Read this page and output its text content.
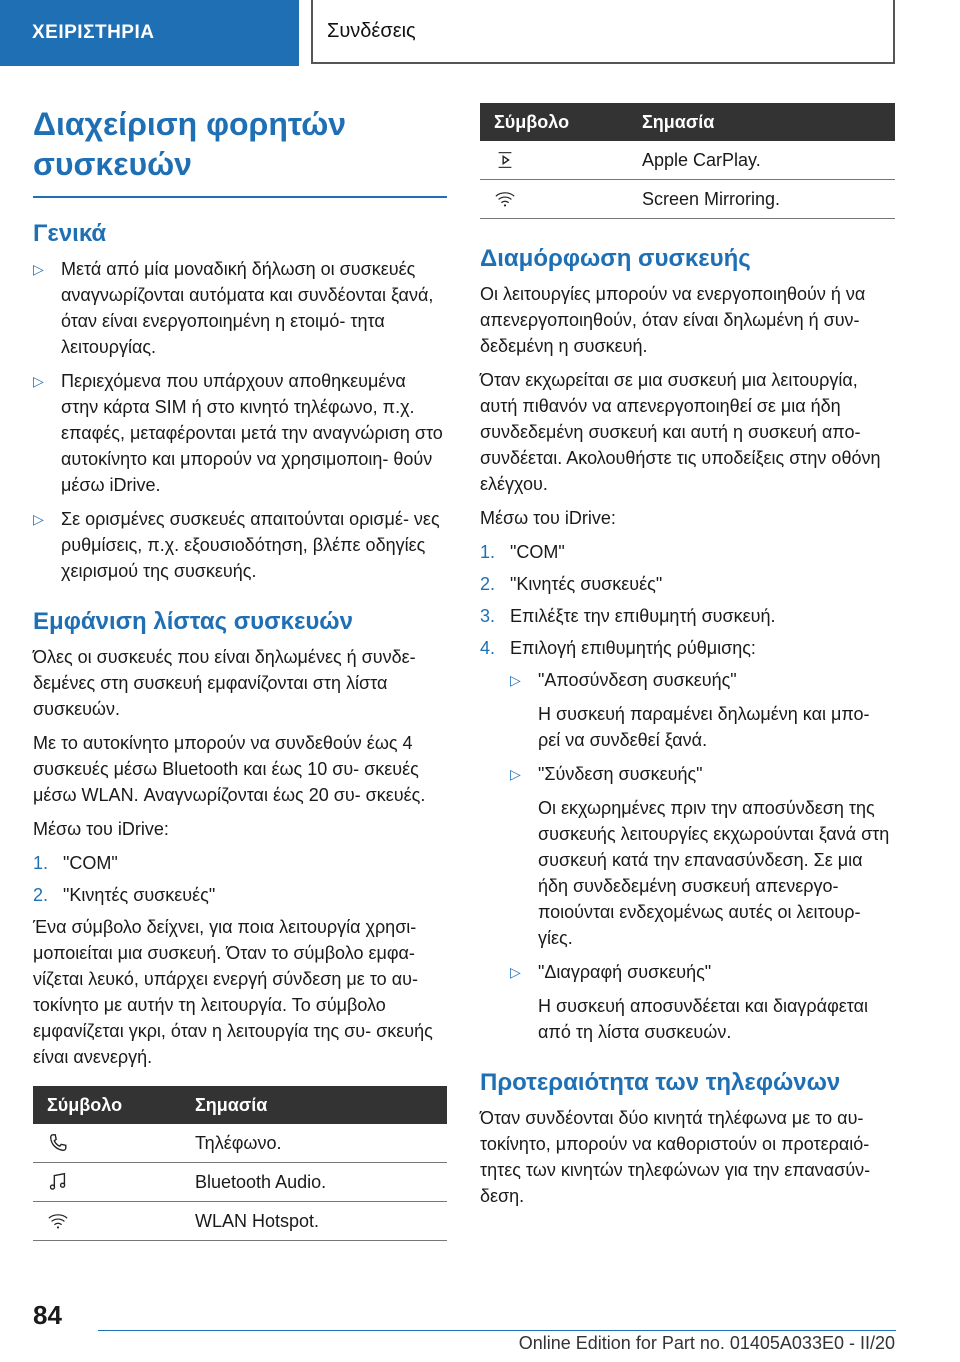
ΧΕΙΡΙΣΤΗΡΙΑ	Συνδέσεις
Διαχείριση φορητών συσκευών
Γενικά
▷ Μετά από μία μοναδική δήλωση οι συσκευές αναγνωρίζονται αυτόματα και συνδέονται ξανά, όταν είναι ενεργοποιημένη η ετοιμό- τητα λειτουργίας.
▷ Περιεχόμενα που υπάρχουν αποθηκευμένα στην κάρτα SIM ή στο κινητό τηλέφωνο, π.χ. επαφές, μεταφέρονται μετά την αναγνώριση στο αυτοκίνητο και μπορούν να χρησιμοποιη- θούν μέσω iDrive.
▷ Σε ορισμένες συσκευές απαιτούνται ορισμέ- νες ρυθμίσεις, π.χ. εξουσιοδότηση, βλέπε οδηγίες χειρισμού της συσκευής.
Εμφάνιση λίστας συσκευών
Όλες οι συσκευές που είναι δηλωμένες ή συνδε- δεμένες στη συσκευή εμφανίζονται στη λίστα συσκευών.
Με το αυτοκίνητο μπορούν να συνδεθούν έως 4 συσκευές μέσω Bluetooth και έως 10 συ- σκευές μέσω WLAN. Αναγνωρίζονται έως 20 συ- σκευές.
Μέσω του iDrive:
1. "COM"
2. "Κινητές συσκευές"
Ένα σύμβολο δείχνει, για ποια λειτουργία χρησι- μοποιείται μια συσκευή. Όταν το σύμβολο εμφα- νίζεται λευκό, υπάρχει ενεργή σύνδεση με το αυ- τοκίνητο με αυτήν τη λειτουργία. Το σύμβολο εμφανίζεται γκρι, όταν η λειτουργία της συ- σκευής είναι ανενεργή.
Σύμβολο	Σημασία
	Τηλέφωνο.
	Bluetooth Audio.
	WLAN Hotspot.
Σύμβολο	Σημασία
	Apple CarPlay.
	Screen Mirroring.
Διαμόρφωση συσκευής
Οι λειτουργίες μπορούν να ενεργοποιηθούν ή να απενεργοποιηθούν, όταν είναι δηλωμένη ή συν- δεδεμένη η συσκευή.
Όταν εκχωρείται σε μια συσκευή μια λειτουργία, αυτή πιθανόν να απενεργοποιηθεί σε μια ήδη συνδεδεμένη συσκευή και αυτή η συσκευή απο- συνδέεται. Ακολουθήστε τις υποδείξεις στην οθόνη ελέγχου.
Μέσω του iDrive:
1. "COM"
2. "Κινητές συσκευές"
3. Επιλέξτε την επιθυμητή συσκευή.
4. Επιλογή επιθυμητής ρύθμισης:
▷ "Αποσύνδεση συσκευής"
Η συσκευή παραμένει δηλωμένη και μπο- ρεί να συνδεθεί ξανά.
▷ "Σύνδεση συσκευής"
Οι εκχωρημένες πριν την αποσύνδεση της συσκευής λειτουργίες εκχωρούνται ξανά στη συσκευή κατά την επανασύνδεση. Σε μια ήδη συνδεδεμένη συσκευή απενεργο- ποιούνται ενδεχομένως αυτές οι λειτουρ- γίες.
▷ "Διαγραφή συσκευής"
Η συσκευή αποσυνδέεται και διαγράφεται από τη λίστα συσκευών.
Προτεραιότητα των τηλεφώνων
Όταν συνδέονται δύο κινητά τηλέφωνα με το αυ- τοκίνητο, μπορούν να καθοριστούν οι προτεραιό- τητες των κινητών τηλεφώνων για την επανασύν- δεση.
84
Online Edition for Part no. 01405A033E0 - II/20
